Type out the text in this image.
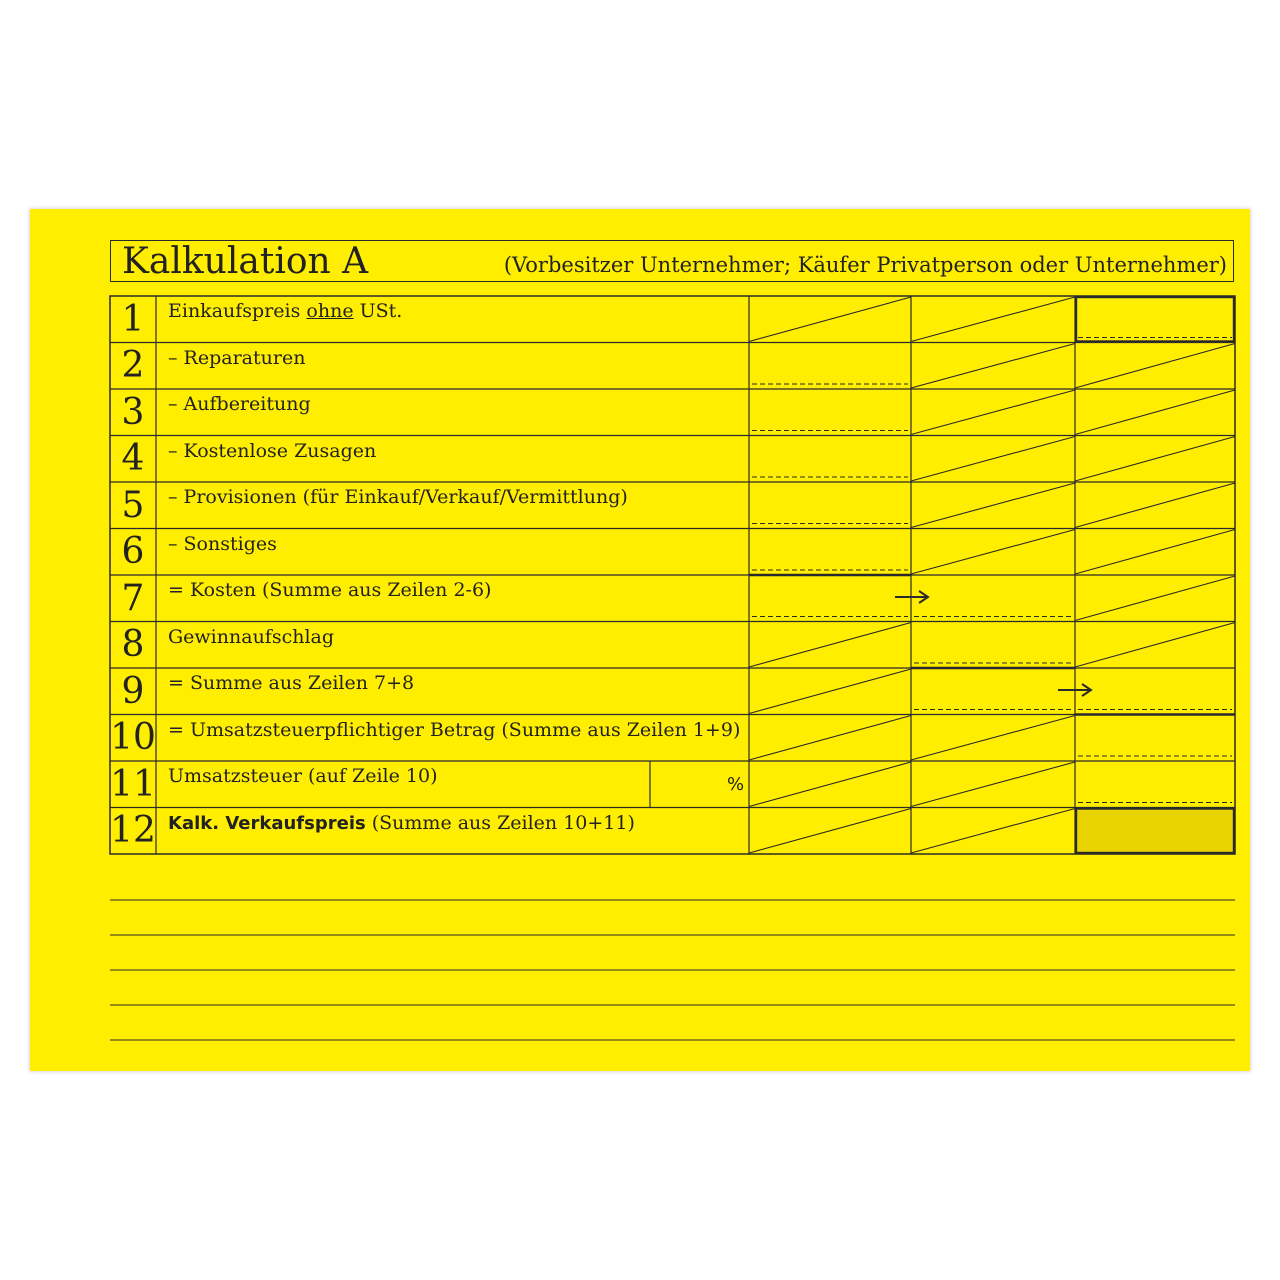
Kalkulation A	(Vorbesitzer Unternehmer; Käufer Privatperson oder Unternehmer)
1	Einkaufspreis ohne USt.
2	– Reparaturen
3	– Aufbereitung
4	– Kostenlose Zusagen
5	– Provisionen (für Einkauf/Verkauf/Vermittlung)
6	– Sonstiges
7	= Kosten (Summe aus Zeilen 2-6)
8	Gewinnaufschlag
9	= Summe aus Zeilen 7+8
10 = Umsatzsteuerpflichtiger Betrag (Summe aus Zeilen 1+9)
11 Umsatzsteuer (auf Zeile 10)	%
12 Kalk. Verkaufspreis (Summe aus Zeilen 10+11)
